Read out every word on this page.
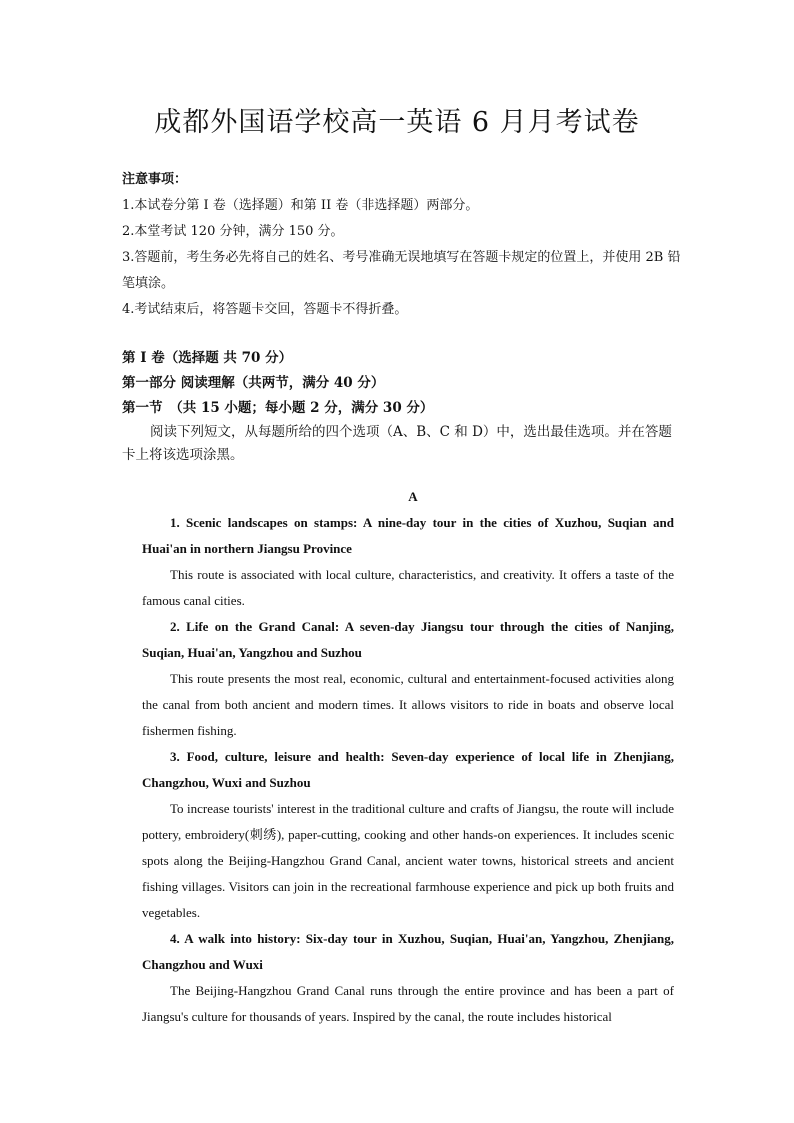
成都外国语学校高一英语 6 月月考试卷

注意事项：

1.本试卷分第 I 卷（选择题）和第 II 卷（非选择题）两部分。

2.本堂考试 120 分钟，满分 150 分。

3.答题前，考生务必先将自己的姓名、考号准确无误地填写在答题卡规定的位置上，并使用 2B 铅笔填涂。

4.考试结束后，将答题卡交回，答题卡不得折叠。

第 I 卷（选择题 共 70 分）

第一部分 阅读理解（共两节，满分 40 分）

第一节　（共 15 小题；每小题 2 分，满分 30 分）

阅读下列短文，从每题所给的四个选项（A、B、C 和 D）中，选出最佳选项。并在答题卡上将该选项涂黑。

A

1. Scenic landscapes on stamps: A nine-day tour in the cities of Xuzhou, Suqian and Huai'an in northern Jiangsu Province

This route is associated with local culture, characteristics, and creativity. It offers a taste of the famous canal cities.

2. Life on the Grand Canal: A seven-day Jiangsu tour through the cities of Nanjing, Suqian, Huai'an, Yangzhou and Suzhou

This route presents the most real, economic, cultural and entertainment-focused activities along the canal from both ancient and modern times. It allows visitors to ride in boats and observe local fishermen fishing.

3. Food, culture, leisure and health: Seven-day experience of local life in Zhenjiang, Changzhou, Wuxi and Suzhou

To increase tourists' interest in the traditional culture and crafts of Jiangsu, the route will include pottery, embroidery(刺绣), paper-cutting, cooking and other hands-on experiences. It includes scenic spots along the Beijing-Hangzhou Grand Canal, ancient water towns, historical streets and ancient fishing villages. Visitors can join in the recreational farmhouse experience and pick up both fruits and vegetables.

4. A walk into history: Six-day tour in Xuzhou, Suqian, Huai'an, Yangzhou, Zhenjiang, Changzhou and Wuxi

The Beijing-Hangzhou Grand Canal runs through the entire province and has been a part of Jiangsu's culture for thousands of years. Inspired by the canal, the route includes historical
